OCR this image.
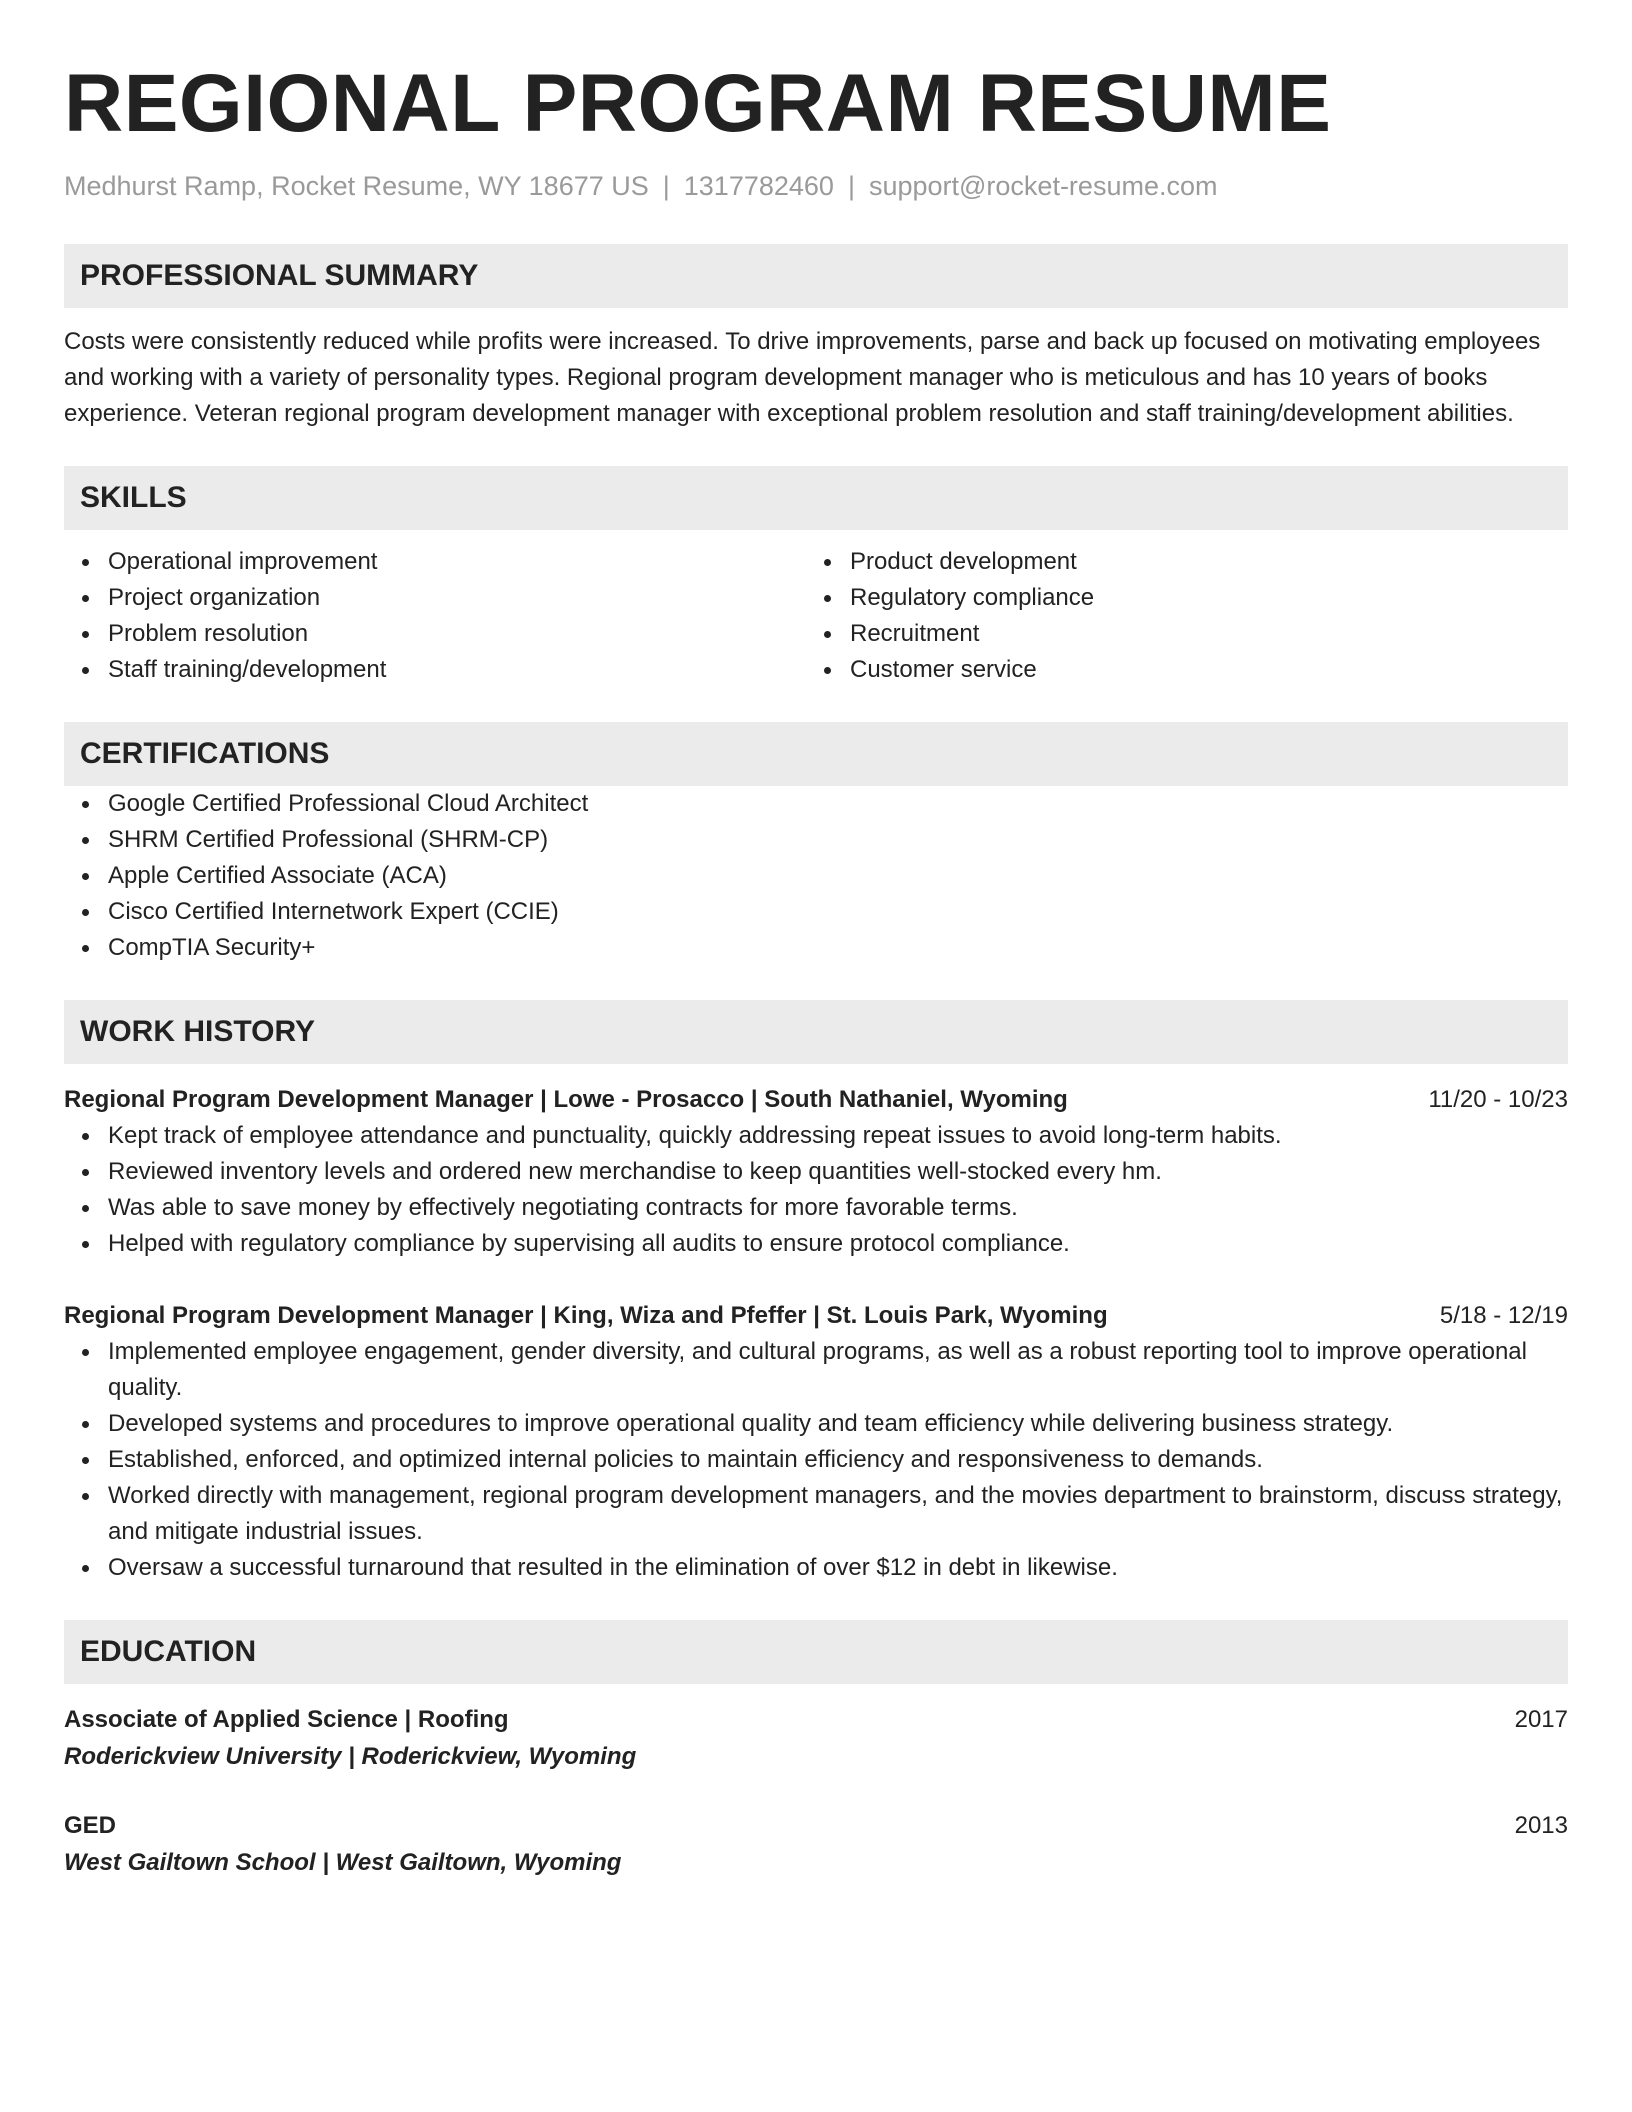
REGIONAL PROGRAM RESUME
Medhurst Ramp, Rocket Resume, WY 18677 US | 1317782460 | support@rocket-resume.com
PROFESSIONAL SUMMARY
Costs were consistently reduced while profits were increased. To drive improvements, parse and back up focused on motivating employees and working with a variety of personality types. Regional program development manager who is meticulous and has 10 years of books experience. Veteran regional program development manager with exceptional problem resolution and staff training/development abilities.
SKILLS
Operational improvement
Project organization
Problem resolution
Staff training/development
Product development
Regulatory compliance
Recruitment
Customer service
CERTIFICATIONS
Google Certified Professional Cloud Architect
SHRM Certified Professional (SHRM-CP)
Apple Certified Associate (ACA)
Cisco Certified Internetwork Expert (CCIE)
CompTIA Security+
WORK HISTORY
Regional Program Development Manager | Lowe - Prosacco | South Nathaniel, Wyoming	11/20 - 10/23
Kept track of employee attendance and punctuality, quickly addressing repeat issues to avoid long-term habits.
Reviewed inventory levels and ordered new merchandise to keep quantities well-stocked every hm.
Was able to save money by effectively negotiating contracts for more favorable terms.
Helped with regulatory compliance by supervising all audits to ensure protocol compliance.
Regional Program Development Manager | King, Wiza and Pfeffer | St. Louis Park, Wyoming	5/18 - 12/19
Implemented employee engagement, gender diversity, and cultural programs, as well as a robust reporting tool to improve operational quality.
Developed systems and procedures to improve operational quality and team efficiency while delivering business strategy.
Established, enforced, and optimized internal policies to maintain efficiency and responsiveness to demands.
Worked directly with management, regional program development managers, and the movies department to brainstorm, discuss strategy, and mitigate industrial issues.
Oversaw a successful turnaround that resulted in the elimination of over $12 in debt in likewise.
EDUCATION
Associate of Applied Science | Roofing	2017
Roderickview University | Roderickview, Wyoming
GED	2013
West Gailtown School | West Gailtown, Wyoming
